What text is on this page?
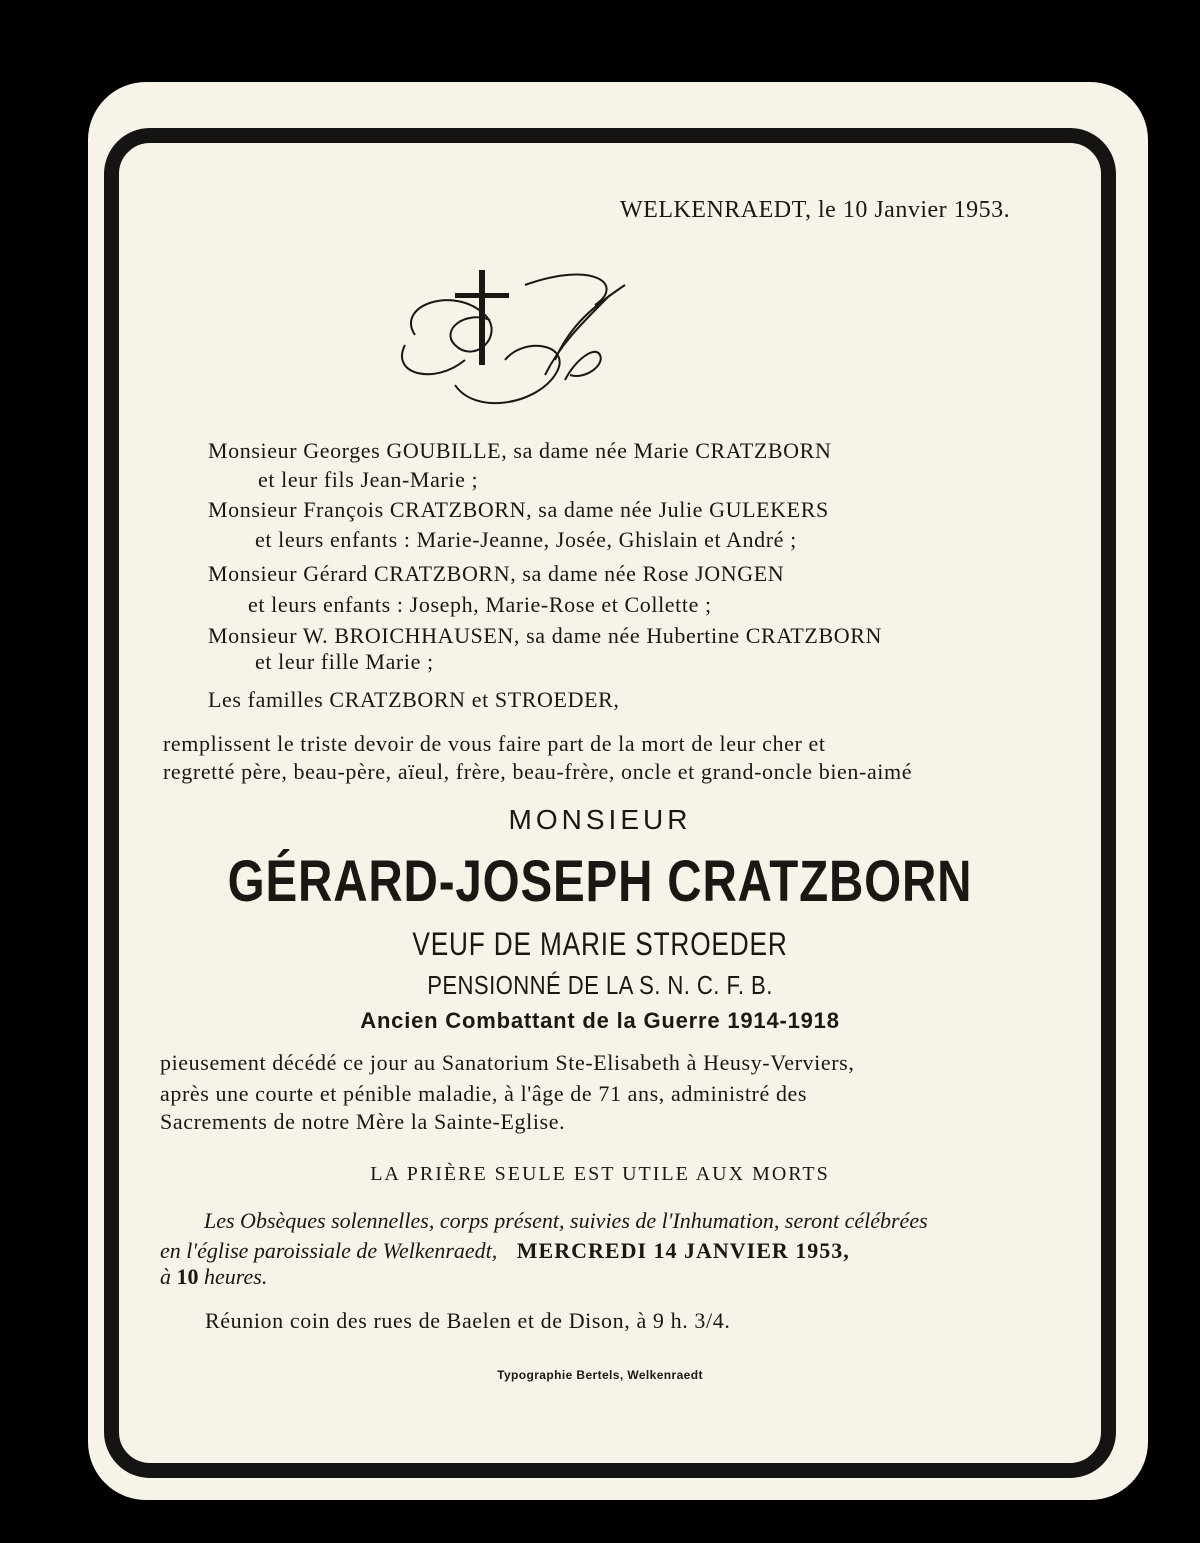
WELKENRAEDT, le 10 Janvier 1953.
Monsieur Georges GOUBILLE, sa dame née Marie CRATZBORN
et leur fils Jean-Marie ;
Monsieur François CRATZBORN, sa dame née Julie GULEKERS
et leurs enfants : Marie-Jeanne, Josée, Ghislain et André ;
Monsieur Gérard CRATZBORN, sa dame née Rose JONGEN
et leurs enfants : Joseph, Marie-Rose et Collette ;
Monsieur W. BROICHHAUSEN, sa dame née Hubertine CRATZBORN
et leur fille Marie ;
Les familles CRATZBORN et STROEDER,
remplissent le triste devoir de vous faire part de la mort de leur cher et
regretté père, beau-père, aïeul, frère, beau-frère, oncle et grand-oncle bien-aimé
MONSIEUR
GÉRARD-JOSEPH CRATZBORN
VEUF DE MARIE STROEDER
PENSIONNÉ DE LA S. N. C. F. B.
Ancien Combattant de la Guerre 1914-1918
pieusement décédé ce jour au Sanatorium Ste-Elisabeth à Heusy-Verviers,
après une courte et pénible maladie, à l'âge de 71 ans, administré des
Sacrements de notre Mère la Sainte-Eglise.
LA PRIÈRE SEULE EST UTILE AUX MORTS
Les Obsèques solennelles, corps présent, suivies de l'Inhumation, seront célébrées
en l'église paroissiale de Welkenraedt, MERCREDI 14 JANVIER 1953,
à 10 heures.
Réunion coin des rues de Baelen et de Dison, à 9 h. 3/4.
Typographie Bertels, Welkenraedt
